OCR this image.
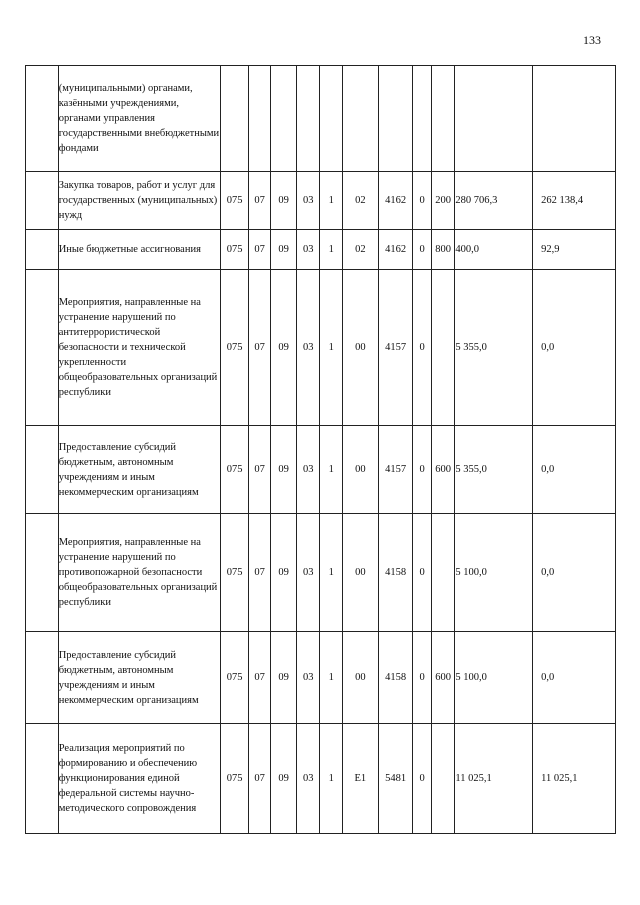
133
	(муниципальными) органами, казёнными учреждениями, органами управления государственными внебюджетными фондами											
	Закупка товаров, работ и услуг для государственных (муниципальных) нужд	075	07	09	03	1	02	4162	0	200	280 706,3	262 138,4
	Иные бюджетные ассигнования	075	07	09	03	1	02	4162	0	800	400,0	92,9
	Мероприятия, направленные на устранение нарушений по антитеррористической безопасности и технической укрепленности общеобразовательных организаций республики	075	07	09	03	1	00	4157	0		5 355,0	0,0
	Предоставление субсидий бюджетным, автономным учреждениям и иным некоммерческим организациям	075	07	09	03	1	00	4157	0	600	5 355,0	0,0
	Мероприятия, направленные на устранение нарушений по противопожарной безопасности общеобразовательных организаций республики	075	07	09	03	1	00	4158	0		5 100,0	0,0
	Предоставление субсидий бюджетным, автономным учреждениям и иным некоммерческим организациям	075	07	09	03	1	00	4158	0	600	5 100,0	0,0
	Реализация мероприятий по формированию и обеспечению функционирования единой федеральной системы научно-методического сопровождения	075	07	09	03	1	E1	5481	0		11 025,1	11 025,1
